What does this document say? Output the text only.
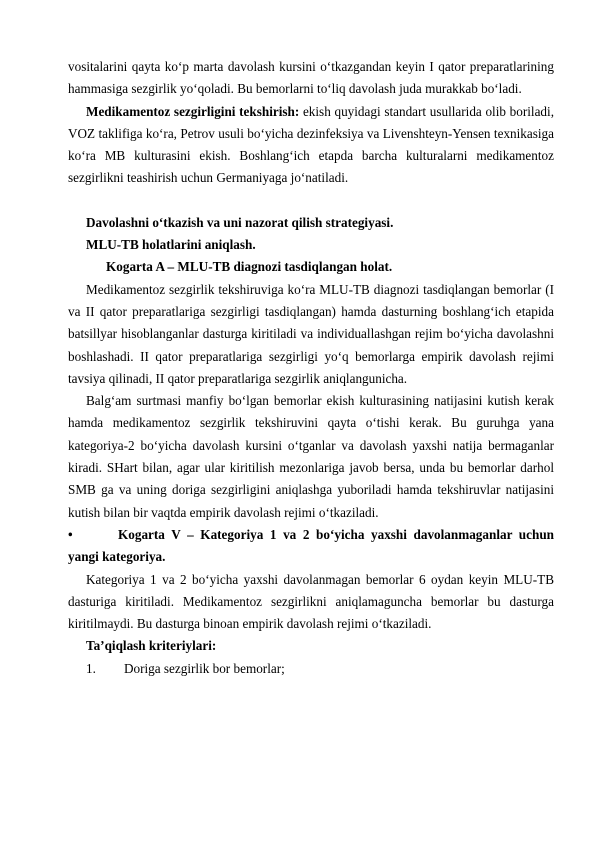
vositalarini qayta ko‘p marta davolash kursini o‘tkazgandan keyin I qator preparatlarining hammasiga sezgirlik yo‘qoladi. Bu bemorlarni to‘liq davolash juda murakkab bo‘ladi.

Medikamentoz sezgirligini tekshirish: ekish quyidagi standart usullarida olib boriladi, VOZ taklifiga ko‘ra, Petrov usuli bo‘yicha dezinfeksiya va Livenshteyn-Yensen texnikasiga ko‘ra MB kulturasini ekish. Boshlang‘ich etapda barcha kulturalarni medikamentoz sezgirlikni teashirish uchun Germaniyaga jo‘natiladi.

Davolashni o‘tkazish va uni nazorat qilish strategiyasi.

MLU-TB holatlarini aniqlash.

Kogarta A – MLU-TB diagnozi tasdiqlangan holat.

Medikamentoz sezgirlik tekshiruviga ko‘ra MLU-TB diagnozi tasdiqlangan bemorlar (I va II qator preparatlariga sezgirligi tasdiqlangan) hamda dasturning boshlang‘ich etapida batsillyar hisoblanganlar dasturga kiritiladi va individuallashgan rejim bo‘yicha davolashni boshlashadi. II qator preparatlariga sezgirligi yo‘q bemorlarga empirik davolash rejimi tavsiya qilinadi, II qator preparatlariga sezgirlik aniqlangunicha.

Balg‘am surtmasi manfiy bo‘lgan bemorlar ekish kulturasining natijasini kutish kerak hamda medikamentoz sezgirlik tekshiruvini qayta o‘tishi kerak. Bu guruhga yana kategoriya-2 bo‘yicha davolash kursini o‘tganlar va davolash yaxshi natija bermaganlar kiradi. SHart bilan, agar ular kiritilish mezonlariga javob bersa, unda bu bemorlar darhol SMB ga va uning doriga sezgirligini aniqlashga yuboriladi hamda tekshiruvlar natijasini kutish bilan bir vaqtda empirik davolash rejimi o‘tkaziladi.

•	Kogarta V – Kategoriya 1 va 2 bo‘yicha yaxshi davolanmaganlar uchun yangi kategoriya.

Kategoriya 1 va 2 bo‘yicha yaxshi davolanmagan bemorlar 6 oydan keyin MLU-TB dasturiga kiritiladi. Medikamentoz sezgirlikni aniqlamaguncha bemorlar bu dasturga kiritilmaydi. Bu dasturga binoan empirik davolash rejimi o‘tkaziladi.

Ta’qiqlash kriteriylari:

1.	Doriga sezgirlik bor bemorlar;
